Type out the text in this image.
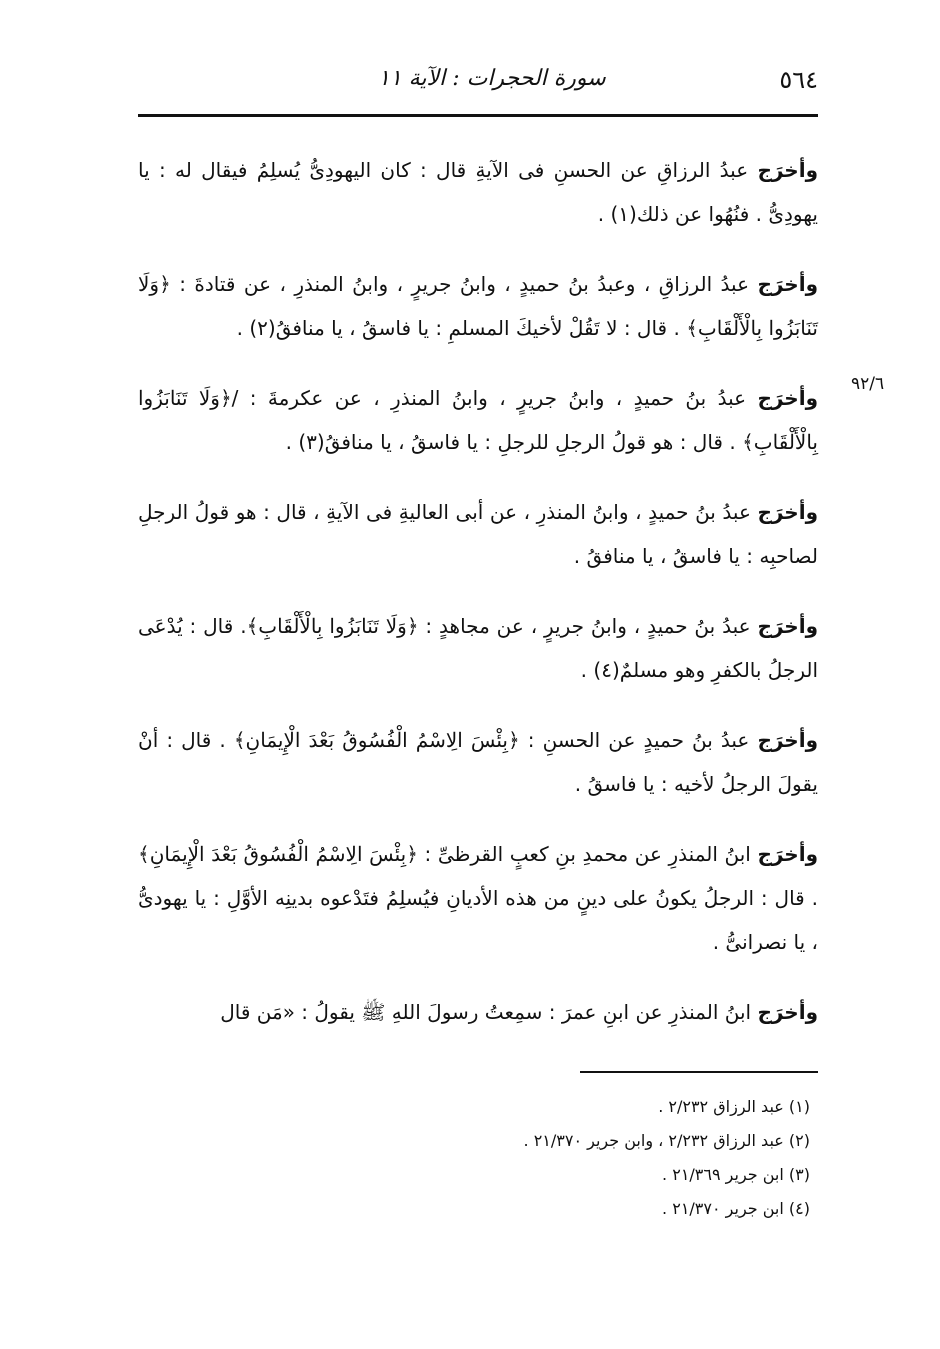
سورة الحجرات : الآية ١١	٥٦٤
٩٢/٦

وأخرَج عبدُ الرزاقِ عن الحسنِ فى الآيةِ قال : كان اليهودِىُّ يُسلِمُ فيقال له : يا يهودِىُّ . فنُهُوا عن ذلك(١) .

وأخرَج عبدُ الرزاقِ ، وعبدُ بنُ حميدٍ ، وابنُ جريرٍ ، وابنُ المنذرِ ، عن قتادةَ : ﴿وَلَا تَنَابَزُوا بِالْأَلْقَابِ﴾ . قال : لا تَقُلْ لأخيكَ المسلمِ : يا فاسقُ ، يا منافقُ(٢) .

وأخرَج عبدُ بنُ حميدٍ ، وابنُ جريرٍ ، وابنُ المنذرِ ، عن عكرمةَ : /﴿وَلَا تَنَابَزُوا بِالْأَلْقَابِ﴾ . قال : هو قولُ الرجلِ للرجلِ : يا فاسقُ ، يا منافقُ(٣) .

وأخرَج عبدُ بنُ حميدٍ ، وابنُ المنذرِ ، عن أبى العاليةِ فى الآيةِ ، قال : هو قولُ الرجلِ لصاحبِه : يا فاسقُ ، يا منافقُ .

وأخرَج عبدُ بنُ حميدٍ ، وابنُ جريرٍ ، عن مجاهدٍ : ﴿وَلَا تَنَابَزُوا بِالْأَلْقَابِ﴾. قال : يُدْعَى الرجلُ بالكفرِ وهو مسلمٌ(٤) .

وأخرَج عبدُ بنُ حميدٍ عن الحسنِ : ﴿بِئْسَ الِاسْمُ الْفُسُوقُ بَعْدَ الْإِيمَانِ﴾ . قال : أنْ يقولَ الرجلُ لأخيه : يا فاسقُ .

وأخرَج ابنُ المنذرِ عن محمدِ بنِ كعبٍ القرظىِّ : ﴿بِئْسَ الِاسْمُ الْفُسُوقُ بَعْدَ الْإِيمَانِ﴾ . قال : الرجلُ يكونُ على دينٍ من هذه الأديانِ فيُسلِمُ فتَدْعوه بدينِه الأوَّلِ : يا يهودىُّ ، يا نصرانىُّ .

وأخرَج ابنُ المنذرِ عن ابنِ عمرَ : سمِعتُ رسولَ اللهِ ﷺ يقولُ : «مَن قال

(١) عبد الرزاق ٢/٢٣٢ .

(٢) عبد الرزاق ٢/٢٣٢ ، وابن جرير ٢١/٣٧٠ .

(٣) ابن جرير ٢١/٣٦٩ .

(٤) ابن جرير ٢١/٣٧٠ .
